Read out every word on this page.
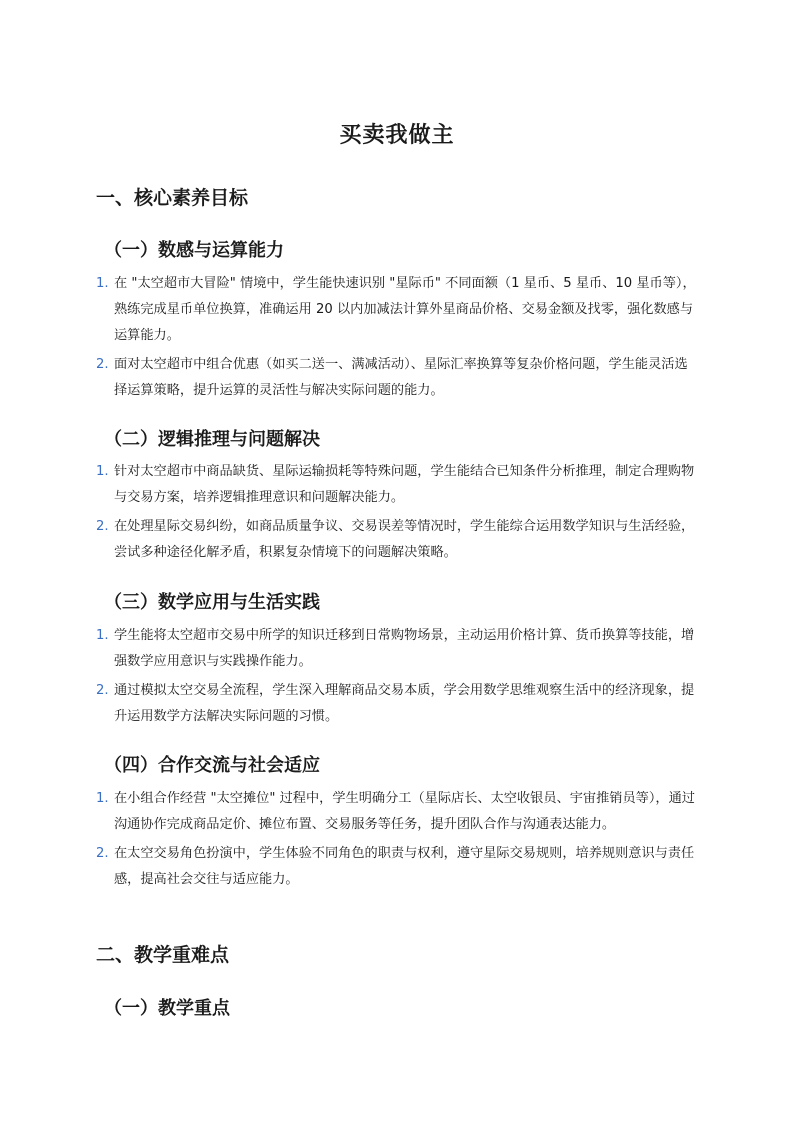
买卖我做主
一、核心素养目标
（一）数感与运算能力
1. 在 "太空超市大冒险" 情境中，学生能快速识别 "星际币" 不同面额（1 星币、5 星币、10 星币等），熟练完成星币单位换算，准确运用 20 以内加减法计算外星商品价格、交易金额及找零，强化数感与运算能力。
2. 面对太空超市中组合优惠（如买二送一、满减活动）、星际汇率换算等复杂价格问题，学生能灵活选择运算策略，提升运算的灵活性与解决实际问题的能力。
（二）逻辑推理与问题解决
1. 针对太空超市中商品缺货、星际运输损耗等特殊问题，学生能结合已知条件分析推理，制定合理购物与交易方案，培养逻辑推理意识和问题解决能力。
2. 在处理星际交易纠纷，如商品质量争议、交易误差等情况时，学生能综合运用数学知识与生活经验，尝试多种途径化解矛盾，积累复杂情境下的问题解决策略。
（三）数学应用与生活实践
1. 学生能将太空超市交易中所学的知识迁移到日常购物场景，主动运用价格计算、货币换算等技能，增强数学应用意识与实践操作能力。
2. 通过模拟太空交易全流程，学生深入理解商品交易本质，学会用数学思维观察生活中的经济现象，提升运用数学方法解决实际问题的习惯。
（四）合作交流与社会适应
1. 在小组合作经营 "太空摊位" 过程中，学生明确分工（星际店长、太空收银员、宇宙推销员等），通过沟通协作完成商品定价、摊位布置、交易服务等任务，提升团队合作与沟通表达能力。
2. 在太空交易角色扮演中，学生体验不同角色的职责与权利，遵守星际交易规则，培养规则意识与责任感，提高社会交往与适应能力。
二、教学重难点
（一）教学重点
